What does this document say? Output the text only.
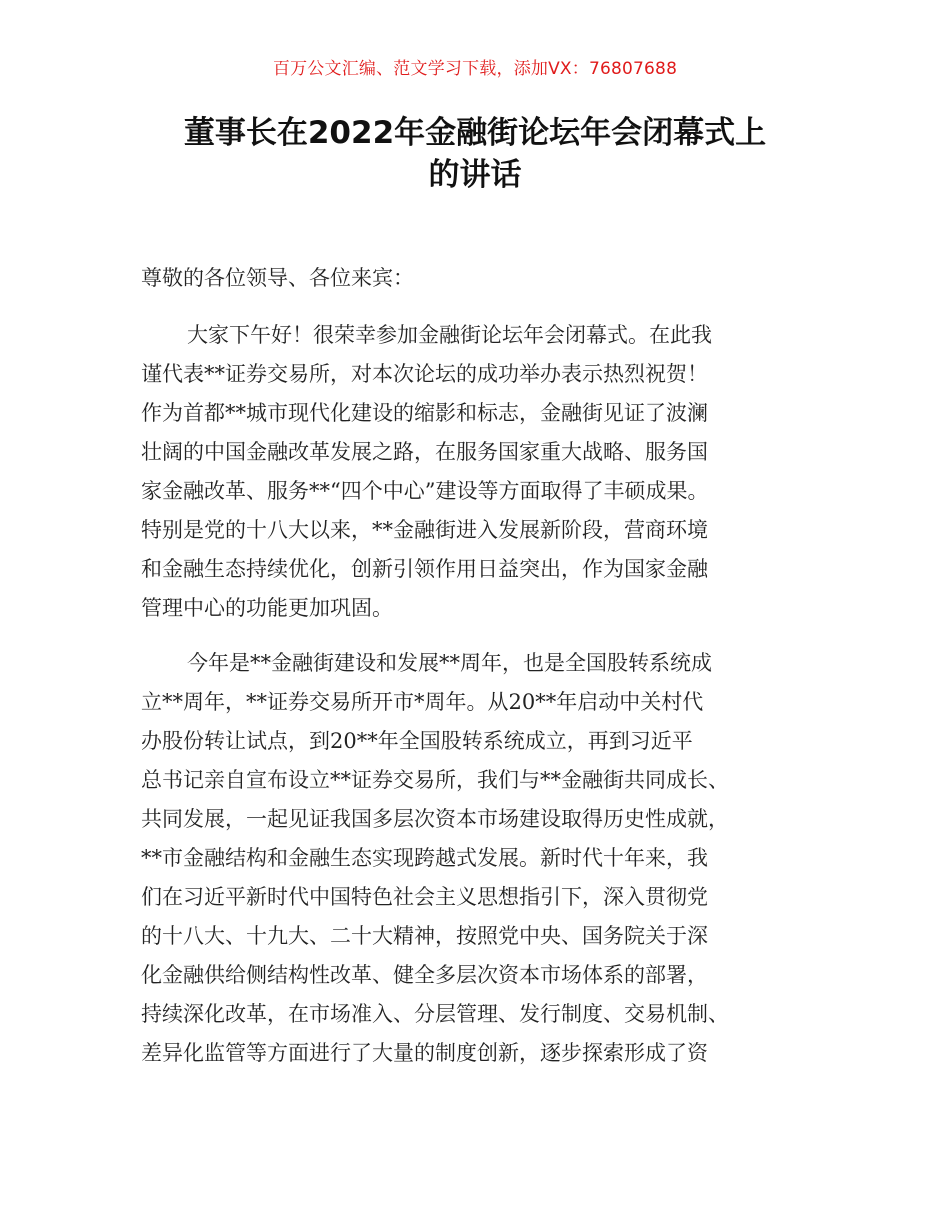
百万公文汇编、范文学习下载，添加VX：76807688
董事长在2022年金融街论坛年会闭幕式上
的讲话
尊敬的各位领导、各位来宾：
大家下午好！很荣幸参加金融街论坛年会闭幕式。在此我
谨代表**证券交易所，对本次论坛的成功举办表示热烈祝贺！
作为首都**城市现代化建设的缩影和标志，金融街见证了波澜
壮阔的中国金融改革发展之路，在服务国家重大战略、服务国
家金融改革、服务**“四个中心”建设等方面取得了丰硕成果。
特别是党的十八大以来，**金融街进入发展新阶段，营商环境
和金融生态持续优化，创新引领作用日益突出，作为国家金融
管理中心的功能更加巩固。
今年是**金融街建设和发展**周年，也是全国股转系统成
立**周年，**证券交易所开市*周年。从20**年启动中关村代
办股份转让试点，到20**年全国股转系统成立，再到习近平
总书记亲自宣布设立**证券交易所，我们与**金融街共同成长、
共同发展，一起见证我国多层次资本市场建设取得历史性成就，
**市金融结构和金融生态实现跨越式发展。新时代十年来，我
们在习近平新时代中国特色社会主义思想指引下，深入贯彻党
的十八大、十九大、二十大精神，按照党中央、国务院关于深
化金融供给侧结构性改革、健全多层次资本市场体系的部署，
持续深化改革，在市场准入、分层管理、发行制度、交易机制、
差异化监管等方面进行了大量的制度创新，逐步探索形成了资
